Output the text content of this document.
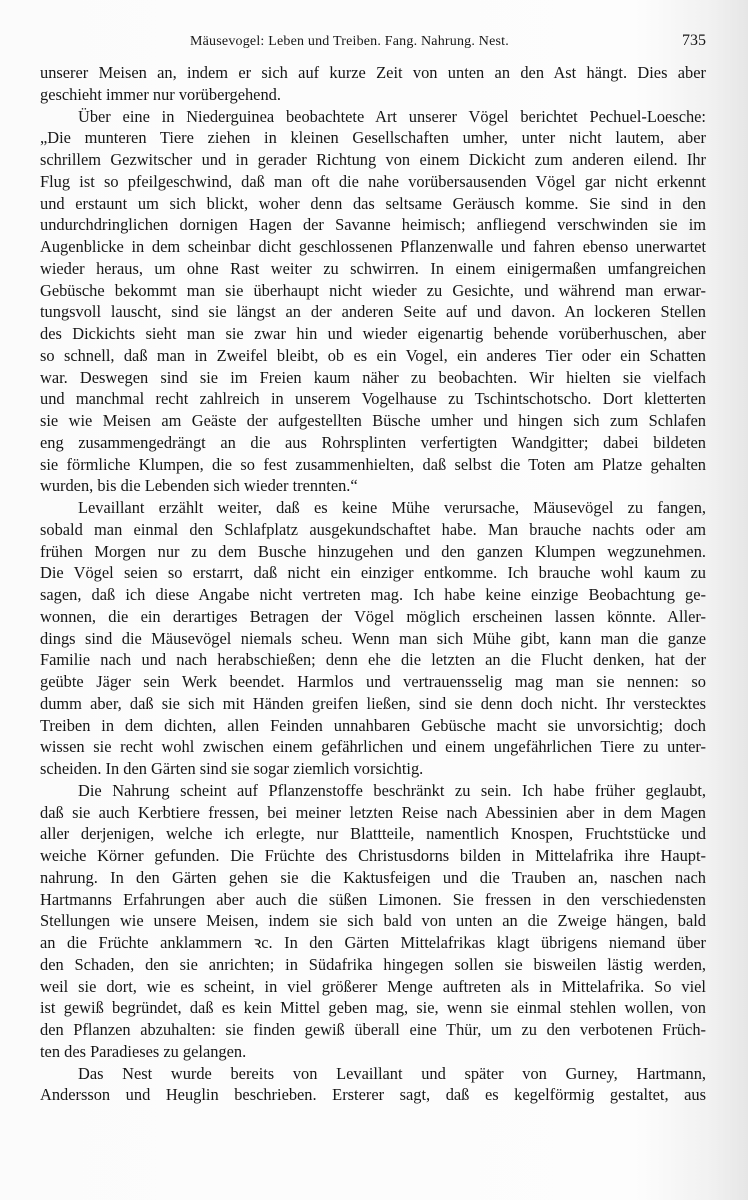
Mäusevogel: Leben und Treiben. Fang. Nahrung. Nest.	735
unserer Meisen an, indem er sich auf kurze Zeit von unten an den Ast hängt. Dies aber
geschieht immer nur vorübergehend.
Über eine in Niederguinea beobachtete Art unserer Vögel berichtet Pechuel-Loesche:
„Die munteren Tiere ziehen in kleinen Gesellschaften umher, unter nicht lautem, aber
schrillem Gezwitscher und in gerader Richtung von einem Dickicht zum anderen eilend. Ihr
Flug ist so pfeilgeschwind, daß man oft die nahe vorübersausenden Vögel gar nicht erkennt
und erstaunt um sich blickt, woher denn das seltsame Geräusch komme. Sie sind in den
undurchdringlichen dornigen Hagen der Savanne heimisch; anfliegend verschwinden sie im
Augenblicke in dem scheinbar dicht geschlossenen Pflanzenwalle und fahren ebenso unerwartet
wieder heraus, um ohne Rast weiter zu schwirren. In einem einigermaßen umfangreichen
Gebüsche bekommt man sie überhaupt nicht wieder zu Gesichte, und während man erwar-
tungsvoll lauscht, sind sie längst an der anderen Seite auf und davon. An lockeren Stellen
des Dickichts sieht man sie zwar hin und wieder eigenartig behende vorüberhuschen, aber
so schnell, daß man in Zweifel bleibt, ob es ein Vogel, ein anderes Tier oder ein Schatten
war. Deswegen sind sie im Freien kaum näher zu beobachten. Wir hielten sie vielfach
und manchmal recht zahlreich in unserem Vogelhause zu Tschintschotscho. Dort kletterten
sie wie Meisen am Geäste der aufgestellten Büsche umher und hingen sich zum Schlafen
eng zusammengedrängt an die aus Rohrsplinten verfertigten Wandgitter; dabei bildeten
sie förmliche Klumpen, die so fest zusammenhielten, daß selbst die Toten am Platze gehalten
wurden, bis die Lebenden sich wieder trennten.“
Levaillant erzählt weiter, daß es keine Mühe verursache, Mäusevögel zu fangen,
sobald man einmal den Schlafplatz ausgekundschaftet habe. Man brauche nachts oder am
frühen Morgen nur zu dem Busche hinzugehen und den ganzen Klumpen wegzunehmen.
Die Vögel seien so erstarrt, daß nicht ein einziger entkomme. Ich brauche wohl kaum zu
sagen, daß ich diese Angabe nicht vertreten mag. Ich habe keine einzige Beobachtung ge-
wonnen, die ein derartiges Betragen der Vögel möglich erscheinen lassen könnte. Aller-
dings sind die Mäusevögel niemals scheu. Wenn man sich Mühe gibt, kann man die ganze
Familie nach und nach herabschießen; denn ehe die letzten an die Flucht denken, hat der
geübte Jäger sein Werk beendet. Harmlos und vertrauensselig mag man sie nennen: so
dumm aber, daß sie sich mit Händen greifen ließen, sind sie denn doch nicht. Ihr verstecktes
Treiben in dem dichten, allen Feinden unnahbaren Gebüsche macht sie unvorsichtig; doch
wissen sie recht wohl zwischen einem gefährlichen und einem ungefährlichen Tiere zu unter-
scheiden. In den Gärten sind sie sogar ziemlich vorsichtig.
Die Nahrung scheint auf Pflanzenstoffe beschränkt zu sein. Ich habe früher geglaubt,
daß sie auch Kerbtiere fressen, bei meiner letzten Reise nach Abessinien aber in dem Magen
aller derjenigen, welche ich erlegte, nur Blattteile, namentlich Knospen, Fruchtstücke und
weiche Körner gefunden. Die Früchte des Christusdorns bilden in Mittelafrika ihre Haupt-
nahrung. In den Gärten gehen sie die Kaktusfeigen und die Trauben an, naschen nach
Hartmanns Erfahrungen aber auch die süßen Limonen. Sie fressen in den verschiedensten
Stellungen wie unsere Meisen, indem sie sich bald von unten an die Zweige hängen, bald
an die Früchte anklammern ꝛc. In den Gärten Mittelafrikas klagt übrigens niemand über
den Schaden, den sie anrichten; in Südafrika hingegen sollen sie bisweilen lästig werden,
weil sie dort, wie es scheint, in viel größerer Menge auftreten als in Mittelafrika. So viel
ist gewiß begründet, daß es kein Mittel geben mag, sie, wenn sie einmal stehlen wollen, von
den Pflanzen abzuhalten: sie finden gewiß überall eine Thür, um zu den verbotenen Früch-
ten des Paradieses zu gelangen.
Das Nest wurde bereits von Levaillant und später von Gurney, Hartmann,
Andersson und Heuglin beschrieben. Ersterer sagt, daß es kegelförmig gestaltet, aus
